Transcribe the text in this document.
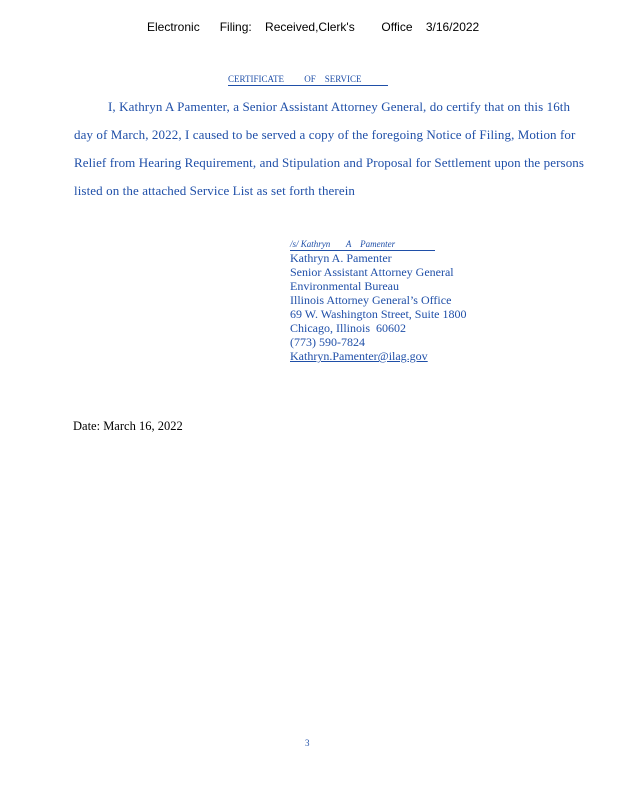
Electronic      Filing:    Received,Clerk's        Office    3/16/2022
CERTIFICATE         OF    SERVICE
I, Kathryn A Pamenter, a Senior Assistant Attorney General, do certify that on this 16th
day of March, 2022, I caused to be served a copy of the foregoing Notice of Filing, Motion for
Relief from Hearing Requirement, and Stipulation and Proposal for Settlement upon the persons
listed on the attached Service List as set forth therein
/s/ Kathryn       A    Pamenter
Kathryn A. Pamenter
Senior Assistant Attorney General
Environmental Bureau
Illinois Attorney General’s Office
69 W. Washington Street, Suite 1800
Chicago, Illinois  60602
(773) 590-7824
Kathryn.Pamenter@ilag.gov
Date: March 16, 2022
3
